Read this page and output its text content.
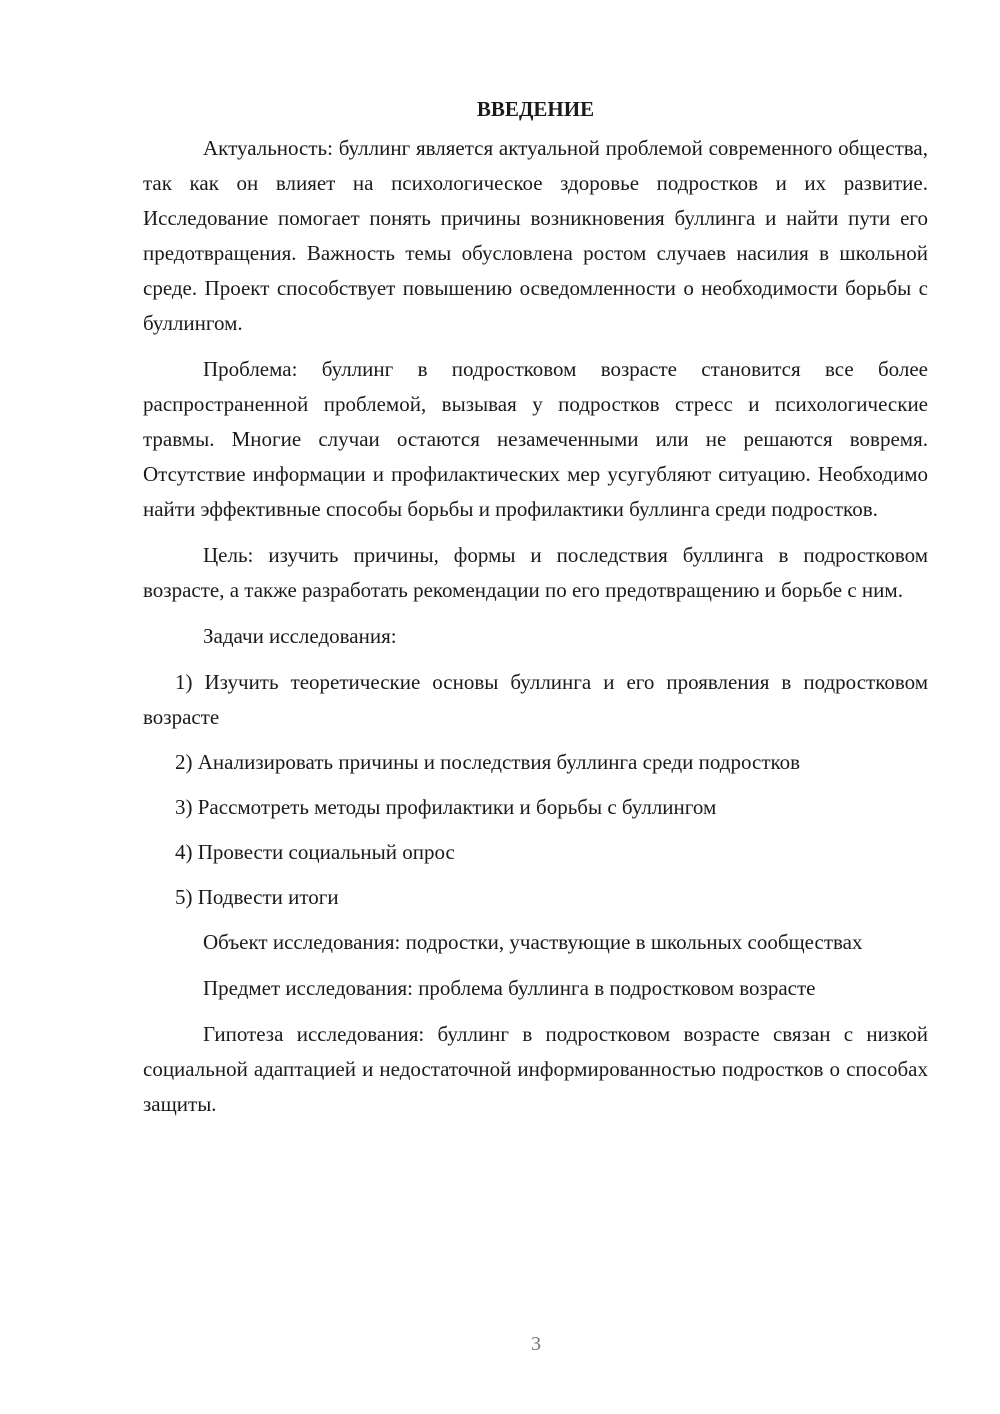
ВВЕДЕНИЕ

Актуальность: буллинг является актуальной проблемой современного общества, так как он влияет на психологическое здоровье подростков и их развитие. Исследование помогает понять причины возникновения буллинга и найти пути его предотвращения. Важность темы обусловлена ростом случаев насилия в школьной среде. Проект способствует повышению осведомленности о необходимости борьбы с буллингом.

Проблема: буллинг в подростковом возрасте становится все более распространенной проблемой, вызывая у подростков стресс и психологические травмы. Многие случаи остаются незамеченными или не решаются вовремя. Отсутствие информации и профилактических мер усугубляют ситуацию. Необходимо найти эффективные способы борьбы и профилактики буллинга среди подростков.

Цель: изучить причины, формы и последствия буллинга в подростковом возрасте, а также разработать рекомендации по его предотвращению и борьбе с ним.

Задачи исследования:

1) Изучить теоретические основы буллинга и его проявления в подростковом возрасте

2) Анализировать причины и последствия буллинга среди подростков

3) Рассмотреть методы профилактики и борьбы с буллингом

4) Провести социальный опрос

5) Подвести итоги

Объект исследования: подростки, участвующие в школьных сообществах

Предмет исследования: проблема буллинга в подростковом возрасте

Гипотеза исследования: буллинг в подростковом возрасте связан с низкой социальной адаптацией и недостаточной информированностью подростков о способах защиты.

3
